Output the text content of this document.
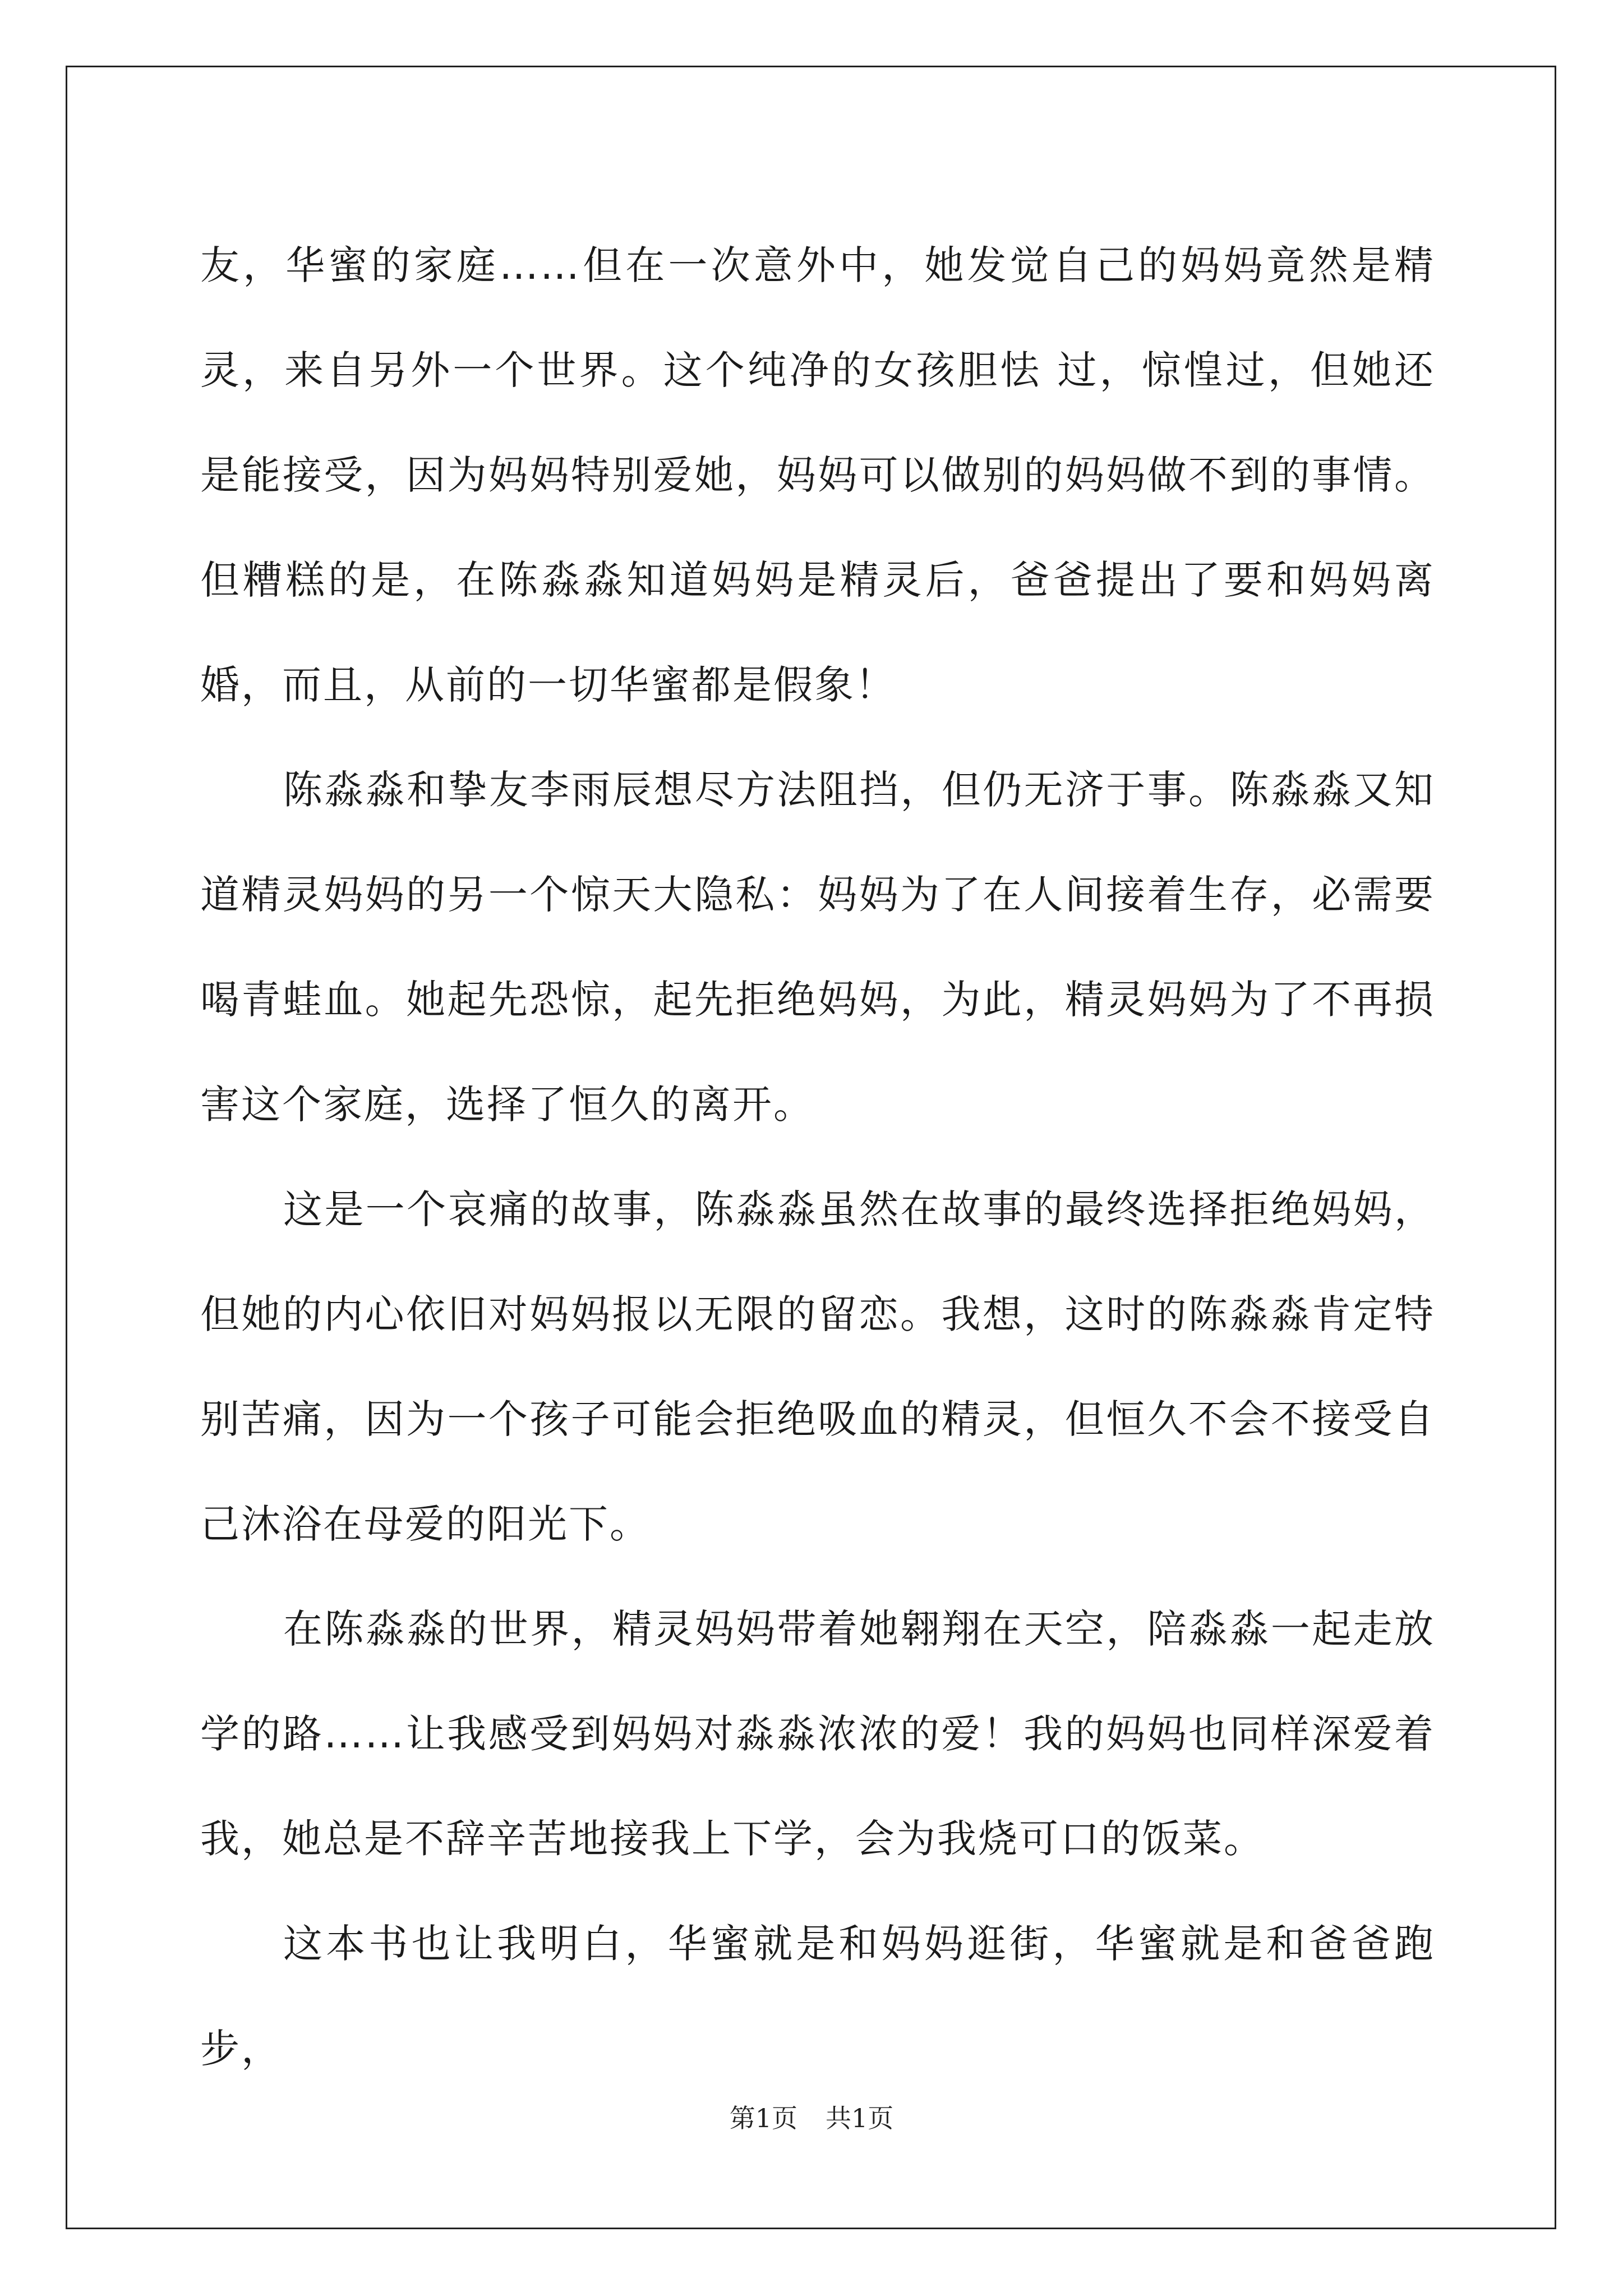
友，华蜜的家庭……但在一次意外中，她发觉自己的妈妈竟然是精灵，来自另外一个世界。这个纯净的女孩胆怯 过，惊惶过，但她还是能接受，因为妈妈特别爱她，妈妈可以做别的妈妈做不到的事情。但糟糕的是，在陈淼淼知道妈妈是精灵后，爸爸提出了要和妈妈离婚，而且，从前的一切华蜜都是假象！

陈淼淼和挚友李雨辰想尽方法阻挡，但仍无济于事。陈淼淼又知道精灵妈妈的另一个惊天大隐私：妈妈为了在人间接着生存，必需要喝青蛙血。她起先恐惊，起先拒绝妈妈，为此，精灵妈妈为了不再损害这个家庭，选择了恒久的离开。

这是一个哀痛的故事，陈淼淼虽然在故事的最终选择拒绝妈妈，但她的内心依旧对妈妈报以无限的留恋。我想，这时的陈淼淼肯定特别苦痛，因为一个孩子可能会拒绝吸血的精灵，但恒久不会不接受自己沐浴在母爱的阳光下。

在陈淼淼的世界，精灵妈妈带着她翱翔在天空，陪淼淼一起走放学的路……让我感受到妈妈对淼淼浓浓的爱！我的妈妈也同样深爱着我，她总是不辞辛苦地接我上下学，会为我烧可口的饭菜。

这本书也让我明白，华蜜就是和妈妈逛街，华蜜就是和爸爸跑步，

第1页 共1页
